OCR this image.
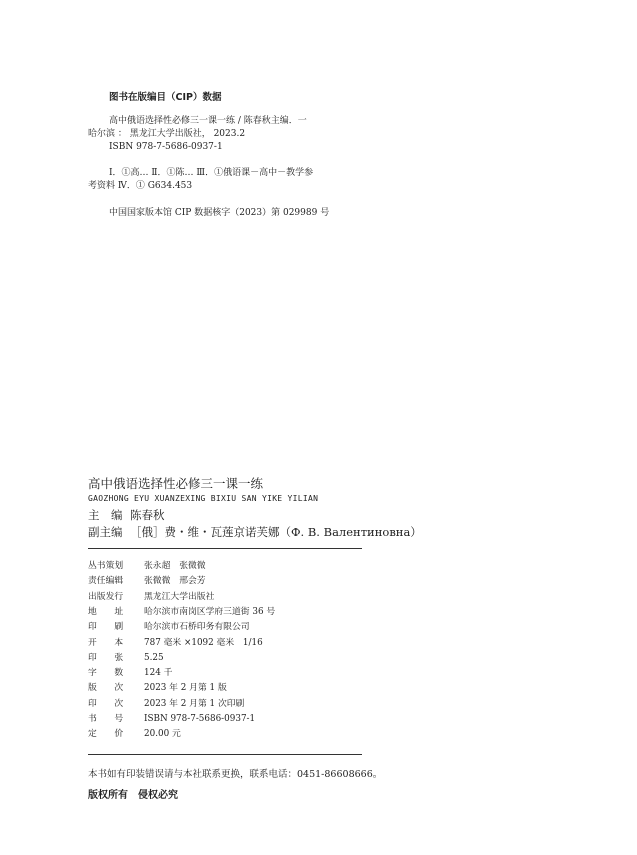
图书在版编目（CIP）数据
高中俄语选择性必修三一课一练 / 陈春秋主编．一
哈尔滨 ： 黑龙江大学出版社， 2023.2
ISBN 978-7-5686-0937-1
Ⅰ．①高… Ⅱ．①陈… Ⅲ．①俄语课－高中－教学参
考资料 Ⅳ．① G634.453
中国国家版本馆 CIP 数据核字（2023）第 029989 号
高中俄语选择性必修三一课一练
GAOZHONG EYU XUANZEXING BIXIU SAN YIKE YILIAN
主　编 陈春秋
副主编 ［俄］费・维・瓦莲京诺芙娜（Ф. В. Валентиновна）
丛书策划 张永超　张微微
责任编辑 张微微　邢会芳
出版发行 黑龙江大学出版社
地　　址 哈尔滨市南岗区学府三道街 36 号
印　　刷 哈尔滨市石桥印务有限公司
开　　本 787 毫米 ×1092 毫米　1/16
印　　张 5.25
字　　数 124 千
版　　次 2023 年 2 月第 1 版
印　　次 2023 年 2 月第 1 次印刷
书　　号 ISBN 978-7-5686-0937-1
定　　价 20.00 元
本书如有印装错误请与本社联系更换，联系电话：0451-86608666。
版权所有　侵权必究
